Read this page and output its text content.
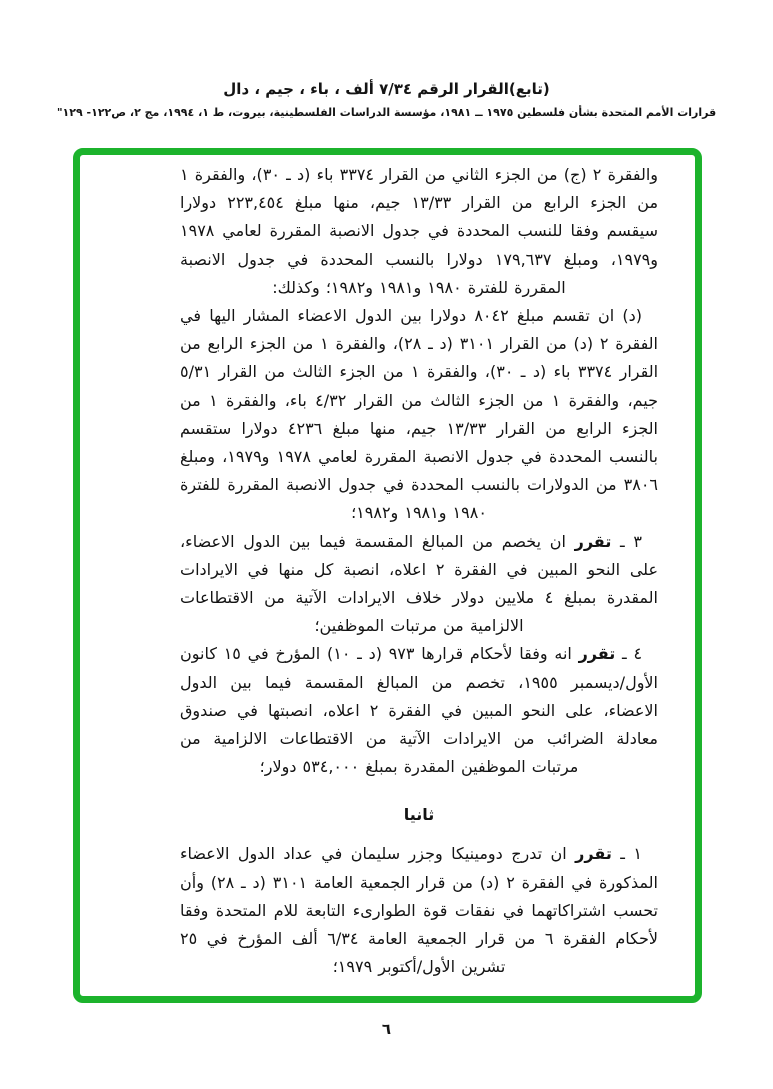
(تابع)القرار الرقم ٧/٣٤ ألف ، باء ، جيم ، دال

قرارات الأمم المتحدة بشأن فلسطين ١٩٧٥ ــ ١٩٨١، مؤسسة الدراسات الفلسطينية، بيروت، ط ١، ١٩٩٤، مج ٢، ص١٢٢- ١٢٩"

والفقرة ٢ (ج) من الجزء الثاني من القرار ٣٣٧٤ باء (د ـ ٣٠)، والفقرة ١ من الجزء الرابع من القرار ١٣/٣٣ جيم، منها مبلغ ٢٢٣,٤٥٤ دولارا سيقسم وفقا للنسب المحددة في جدول الانصبة المقررة لعامي ١٩٧٨ و١٩٧٩، ومبلغ ١٧٩,٦٣٧ دولارا بالنسب المحددة في جدول الانصبة المقررة للفترة ١٩٨٠ و١٩٨١ و١٩٨٢؛ وكذلك:

(د) ان تقسم مبلغ ٨٠٤٢ دولارا بين الدول الاعضاء المشار اليها في الفقرة ٢ (د) من القرار ٣١٠١ (د ـ ٢٨)، والفقرة ١ من الجزء الرابع من القرار ٣٣٧٤ باء (د ـ ٣٠)، والفقرة ١ من الجزء الثالث من القرار ٥/٣١ جيم، والفقرة ١ من الجزء الثالث من القرار ٤/٣٢ باء، والفقرة ١ من الجزء الرابع من القرار ١٣/٣٣ جيم، منها مبلغ ٤٢٣٦ دولارا ستقسم بالنسب المحددة في جدول الانصبة المقررة لعامي ١٩٧٨ و١٩٧٩، ومبلغ ٣٨٠٦ من الدولارات بالنسب المحددة في جدول الانصبة المقررة للفترة ١٩٨٠ و١٩٨١ و١٩٨٢؛

٣ ـ تقرر ان يخصم من المبالغ المقسمة فيما بين الدول الاعضاء، على النحو المبين في الفقرة ٢ اعلاه، انصبة كل منها في الايرادات المقدرة بمبلغ ٤ ملايين دولار خلاف الايرادات الآتية من الاقتطاعات الالزامية من مرتبات الموظفين؛

٤ ـ تقرر انه وفقا لأحكام قرارها ٩٧٣ (د ـ ١٠) المؤرخ في ١٥ كانون الأول/ديسمبر ١٩٥٥، تخصم من المبالغ المقسمة فيما بين الدول الاعضاء، على النحو المبين في الفقرة ٢ اعلاه، انصبتها في صندوق معادلة الضرائب من الايرادات الآتية من الاقتطاعات الالزامية من مرتبات الموظفين المقدرة بمبلغ ٥٣٤,٠٠٠ دولار؛

ثانيا

١ ـ تقرر ان تدرج دومينيكا وجزر سليمان في عداد الدول الاعضاء المذكورة في الفقرة ٢ (د) من قرار الجمعية العامة ٣١٠١ (د ـ ٢٨) وأن تحسب اشتراكاتهما في نفقات قوة الطوارىء التابعة للام المتحدة وفقا لأحكام الفقرة ٦ من قرار الجمعية العامة ٦/٣٤ ألف المؤرخ في ٢٥ تشرين الأول/أكتوبر ١٩٧٩؛

٦
